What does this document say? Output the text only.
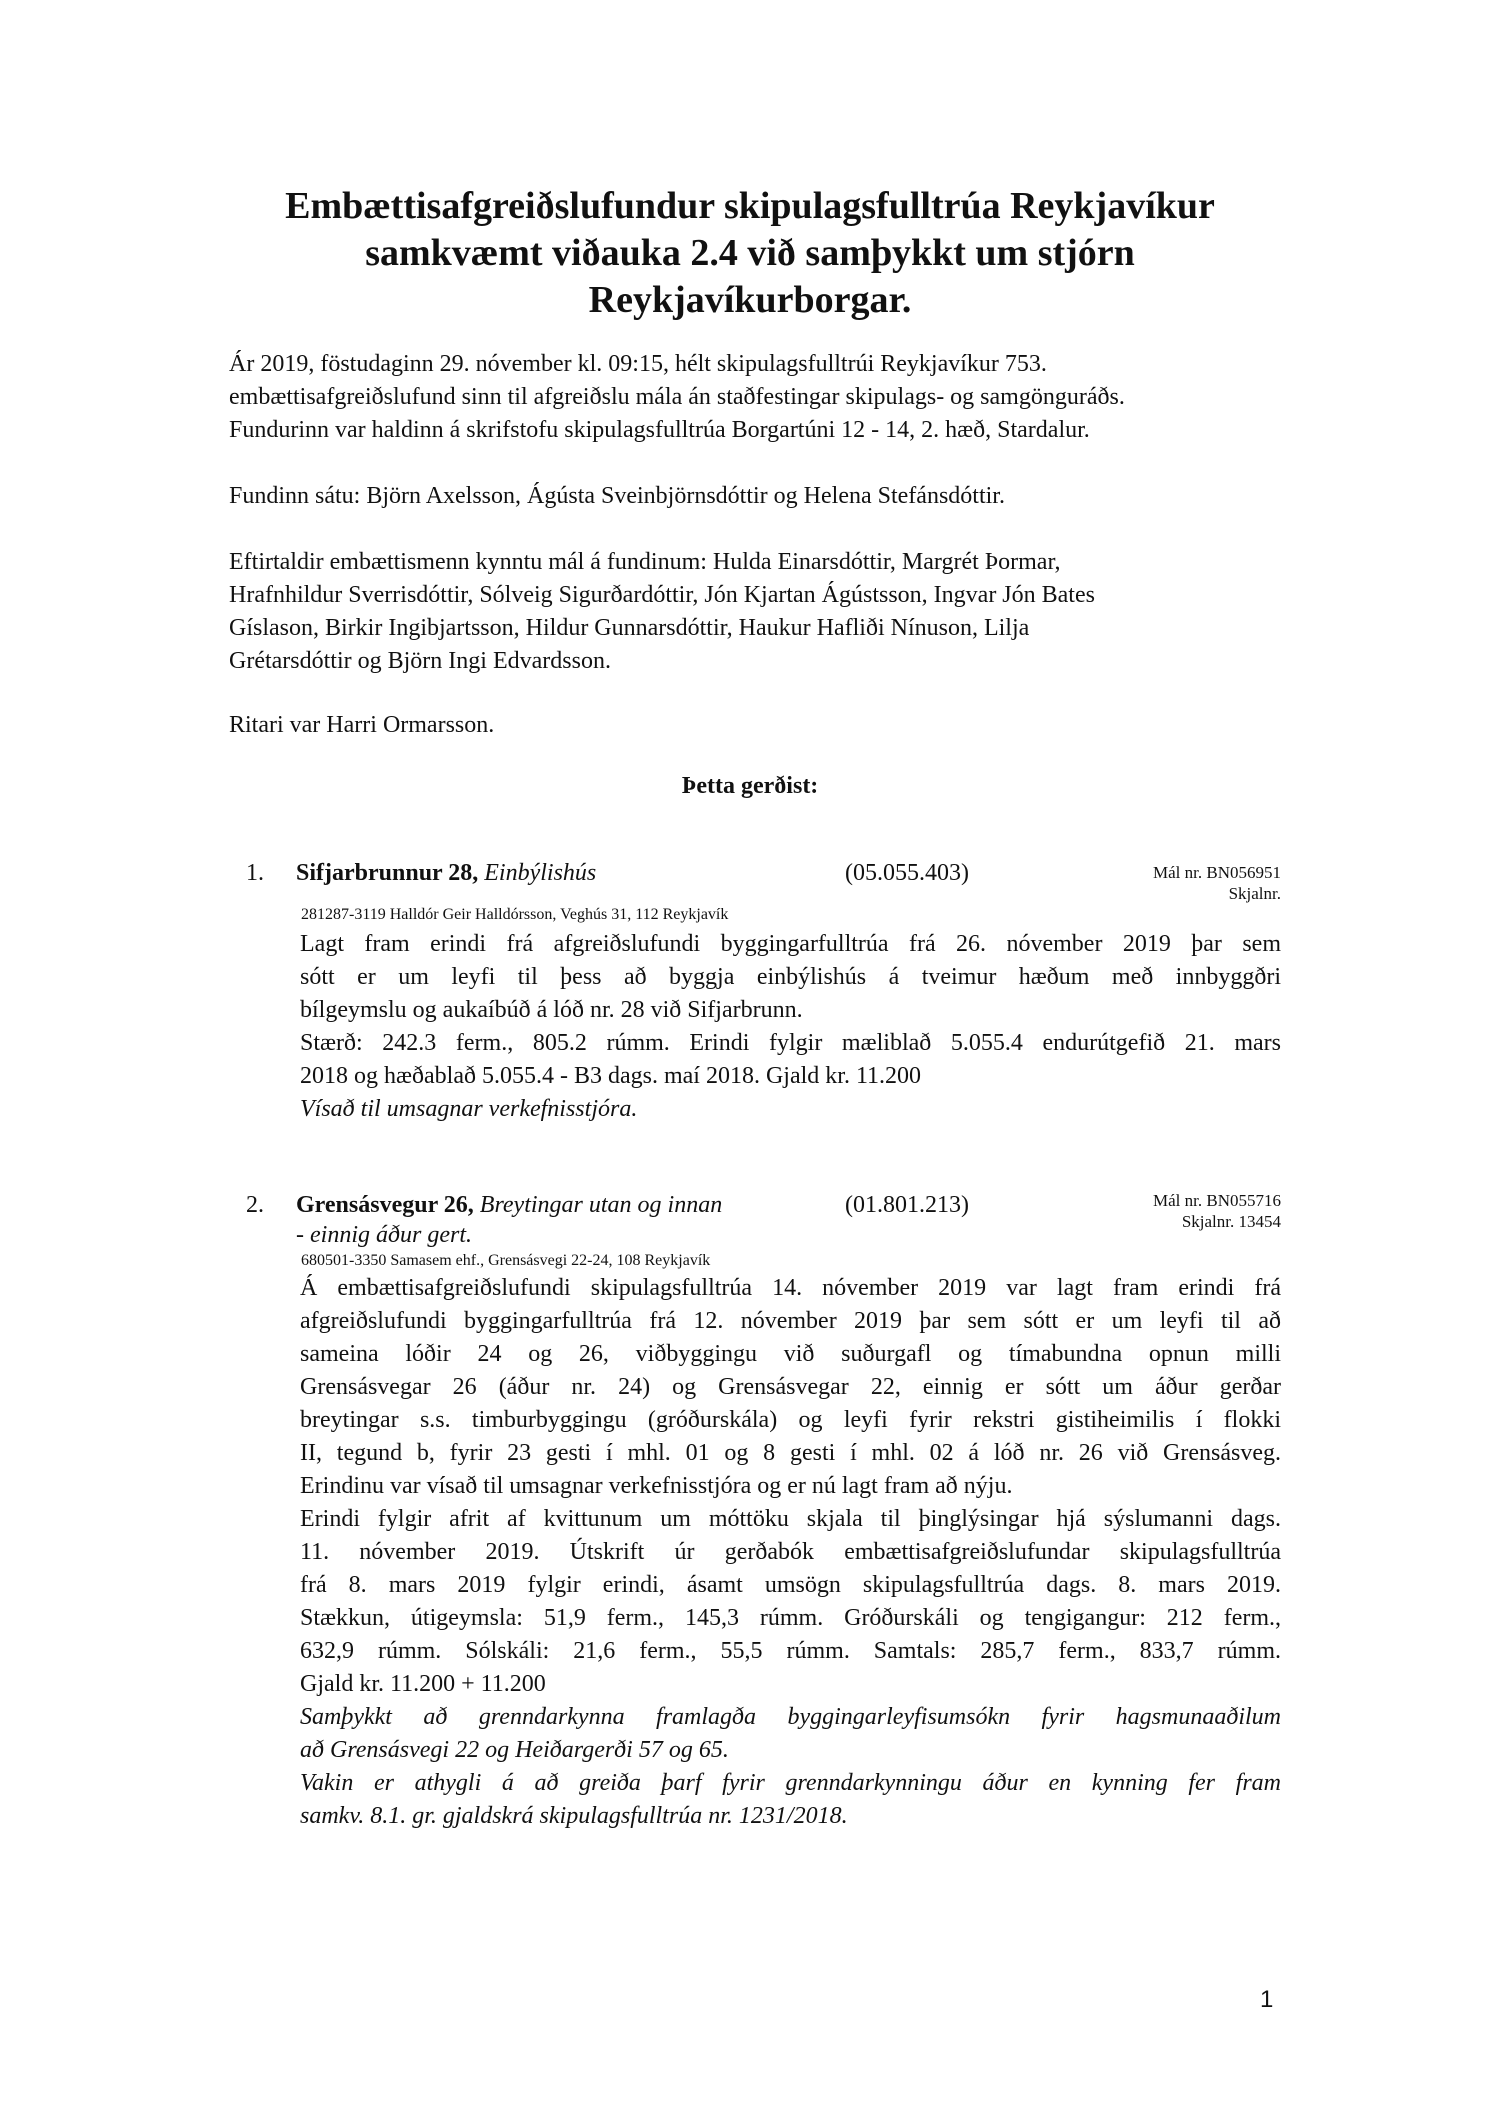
Embættisafgreiðslufundur skipulagsfulltrúa Reykjavíkur
samkvæmt viðauka 2.4 við samþykkt um stjórn
Reykjavíkurborgar.
Ár 2019, föstudaginn 29. nóvember kl. 09:15, hélt skipulagsfulltrúi Reykjavíkur 753.
embættisafgreiðslufund sinn til afgreiðslu mála án staðfestingar skipulags- og samgönguráðs.
Fundurinn var haldinn á skrifstofu skipulagsfulltrúa Borgartúni 12 - 14, 2. hæð, Stardalur.
Fundinn sátu: Björn Axelsson, Ágústa Sveinbjörnsdóttir og Helena Stefánsdóttir.
Eftirtaldir embættismenn kynntu mál á fundinum: Hulda Einarsdóttir, Margrét Þormar,
Hrafnhildur Sverrisdóttir, Sólveig Sigurðardóttir, Jón Kjartan Ágústsson, Ingvar Jón Bates
Gíslason, Birkir Ingibjartsson, Hildur Gunnarsdóttir, Haukur Hafliði Nínuson, Lilja
Grétarsdóttir og Björn Ingi Edvardsson.
Ritari var Harri Ormarsson.
Þetta gerðist:
1. Sifjarbrunnur 28, Einbýlishús	(05.055.403)	Mál nr. BN056951
Skjalnr.
281287-3119 Halldór Geir Halldórsson, Veghús 31, 112 Reykjavík
Lagt fram erindi frá afgreiðslufundi byggingarfulltrúa frá 26. nóvember 2019 þar sem
sótt er um leyfi til þess að byggja einbýlishús á tveimur hæðum með innbyggðri
bílgeymslu og aukaíbúð á lóð nr. 28 við Sifjarbrunn.
Stærð: 242.3 ferm., 805.2 rúmm. Erindi fylgir mæliblað 5.055.4 endurútgefið 21. mars
2018 og hæðablað 5.055.4 - B3 dags. maí 2018. Gjald kr. 11.200
Vísað til umsagnar verkefnisstjóra.
2. Grensásvegur 26, Breytingar utan og innan
- einnig áður gert.
(01.801.213)	Mál nr. BN055716
Skjalnr. 13454
680501-3350 Samasem ehf., Grensásvegi 22-24, 108 Reykjavík
Á embættisafgreiðslufundi skipulagsfulltrúa 14. nóvember 2019 var lagt fram erindi frá
afgreiðslufundi byggingarfulltrúa frá 12. nóvember 2019 þar sem sótt er um leyfi til að
sameina lóðir 24 og 26, viðbyggingu við suðurgafl og tímabundna opnun milli
Grensásvegar 26 (áður nr. 24) og Grensásvegar 22, einnig er sótt um áður gerðar
breytingar s.s. timburbyggingu (gróðurskála) og leyfi fyrir rekstri gistiheimilis í flokki
II, tegund b, fyrir 23 gesti í mhl. 01 og 8 gesti í mhl. 02 á lóð nr. 26 við Grensásveg.
Erindinu var vísað til umsagnar verkefnisstjóra og er nú lagt fram að nýju.
Erindi fylgir afrit af kvittunum um móttöku skjala til þinglýsingar hjá sýslumanni dags.
11. nóvember 2019. Útskrift úr gerðabók embættisafgreiðslufundar skipulagsfulltrúa
frá 8. mars 2019 fylgir erindi, ásamt umsögn skipulagsfulltrúa dags. 8. mars 2019.
Stækkun, útigeymsla: 51,9 ferm., 145,3 rúmm. Gróðurskáli og tengigangur: 212 ferm.,
632,9 rúmm. Sólskáli: 21,6 ferm., 55,5 rúmm. Samtals: 285,7 ferm., 833,7 rúmm.
Gjald kr. 11.200 + 11.200
Samþykkt að grenndarkynna framlagða byggingarleyfisumsókn fyrir hagsmunaaðilum
að Grensásvegi 22 og Heiðargerði 57 og 65.
Vakin er athygli á að greiða þarf fyrir grenndarkynningu áður en kynning fer fram
samkv. 8.1. gr. gjaldskrá skipulagsfulltrúa nr. 1231/2018.
1
